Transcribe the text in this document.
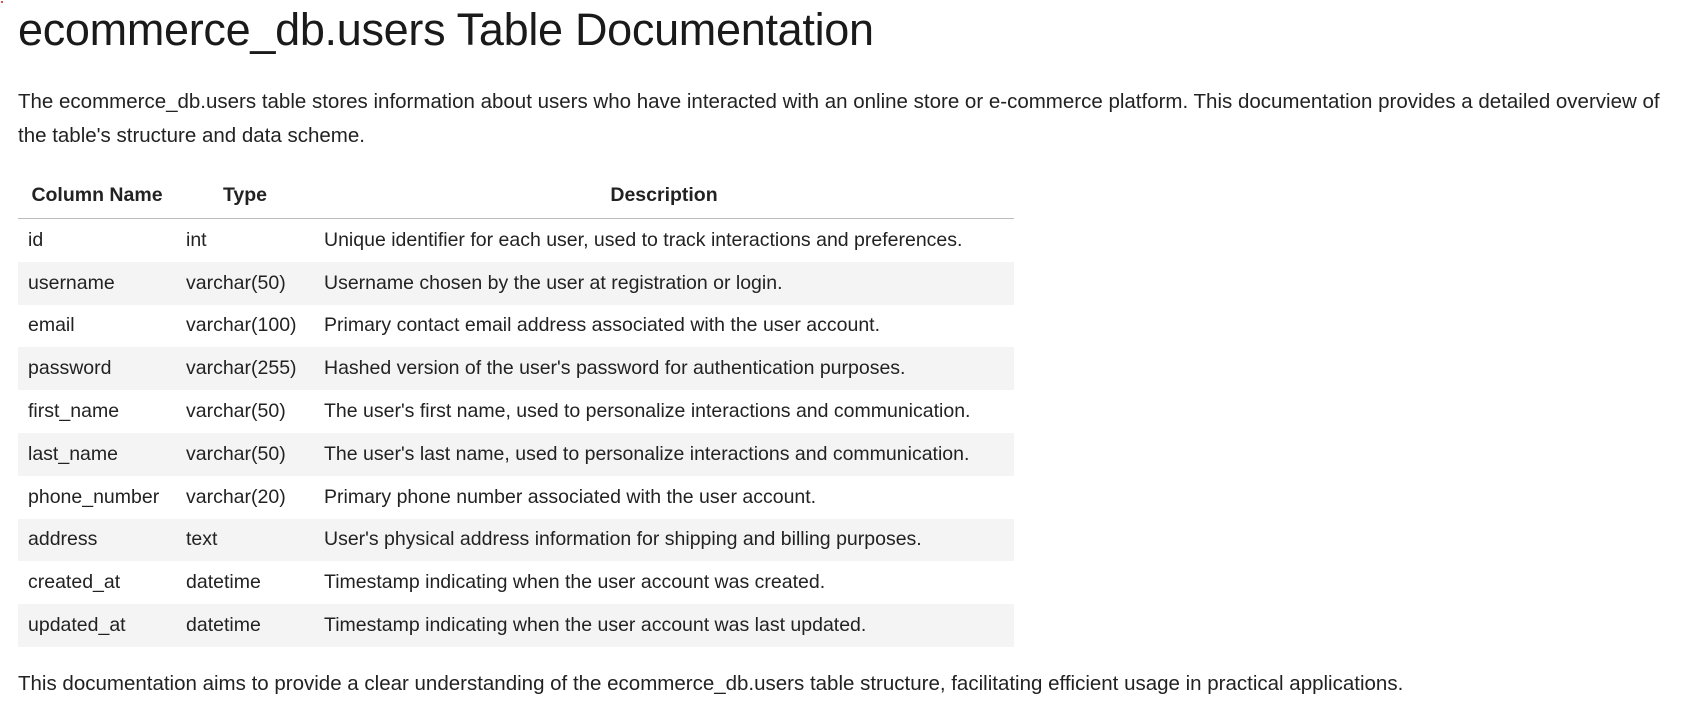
ecommerce_db.users Table Documentation

The ecommerce_db.users table stores information about users who have interacted with an online store or e-commerce platform. This documentation provides a detailed overview of the table's structure and data scheme.

Column Name	Type	Description
id	int	Unique identifier for each user, used to track interactions and preferences.
username	varchar(50)	Username chosen by the user at registration or login.
email	varchar(100)	Primary contact email address associated with the user account.
password	varchar(255)	Hashed version of the user's password for authentication purposes.
first_name	varchar(50)	The user's first name, used to personalize interactions and communication.
last_name	varchar(50)	The user's last name, used to personalize interactions and communication.
phone_number	varchar(20)	Primary phone number associated with the user account.
address	text	User's physical address information for shipping and billing purposes.
created_at	datetime	Timestamp indicating when the user account was created.
updated_at	datetime	Timestamp indicating when the user account was last updated.

This documentation aims to provide a clear understanding of the ecommerce_db.users table structure, facilitating efficient usage in practical applications.
